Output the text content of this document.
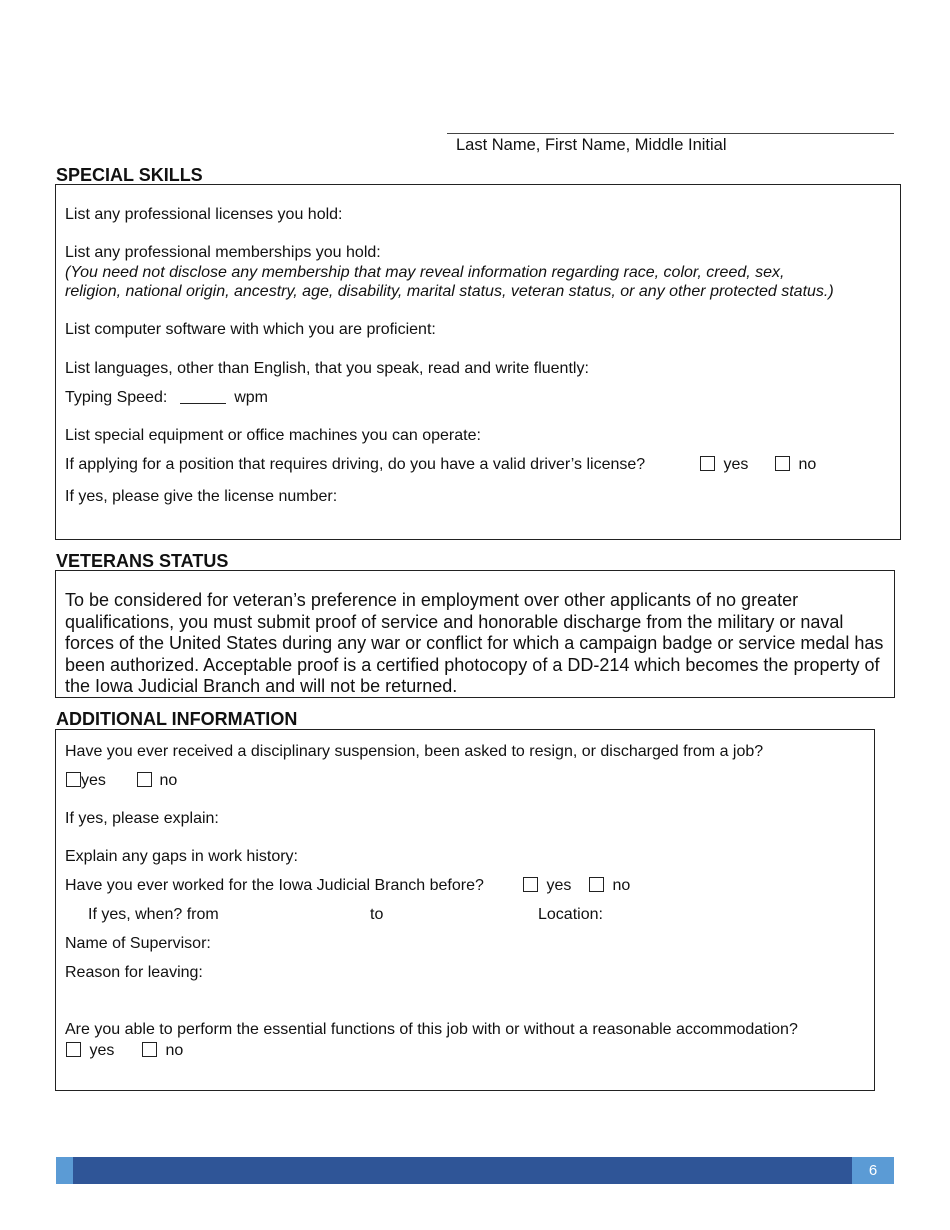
Last Name, First Name, Middle Initial
SPECIAL SKILLS
List any professional licenses you hold:
List any professional memberships you hold:
(You need not disclose any membership that may reveal information regarding race, color, creed, sex,
religion, national origin, ancestry, age, disability, marital status, veteran status, or any other protected status.)
List computer software with which you are proficient:
List languages, other than English, that you speak, read and write fluently:
Typing Speed:	wpm
List special equipment or office machines you can operate:
If applying for a position that requires driving, do you have a valid driver’s license?	yes	no
If yes, please give the license number:
VETERANS STATUS
To be considered for veteran’s preference in employment over other applicants of no greater qualifications, you must submit proof of service and honorable discharge from the military or naval forces of the United States during any war or conflict for which a campaign badge or service medal has been authorized. Acceptable proof is a certified photocopy of a DD-214 which becomes the property of the Iowa Judicial Branch and will not be returned.
ADDITIONAL INFORMATION
Have you ever received a disciplinary suspension, been asked to resign, or discharged from a job?
yes	no
If yes, please explain:
Explain any gaps in work history:
Have you ever worked for the Iowa Judicial Branch before?	yes	no
If yes, when? from	to	Location:
Name of Supervisor:
Reason for leaving:
Are you able to perform the essential functions of this job with or without a reasonable accommodation?
yes	no
6
